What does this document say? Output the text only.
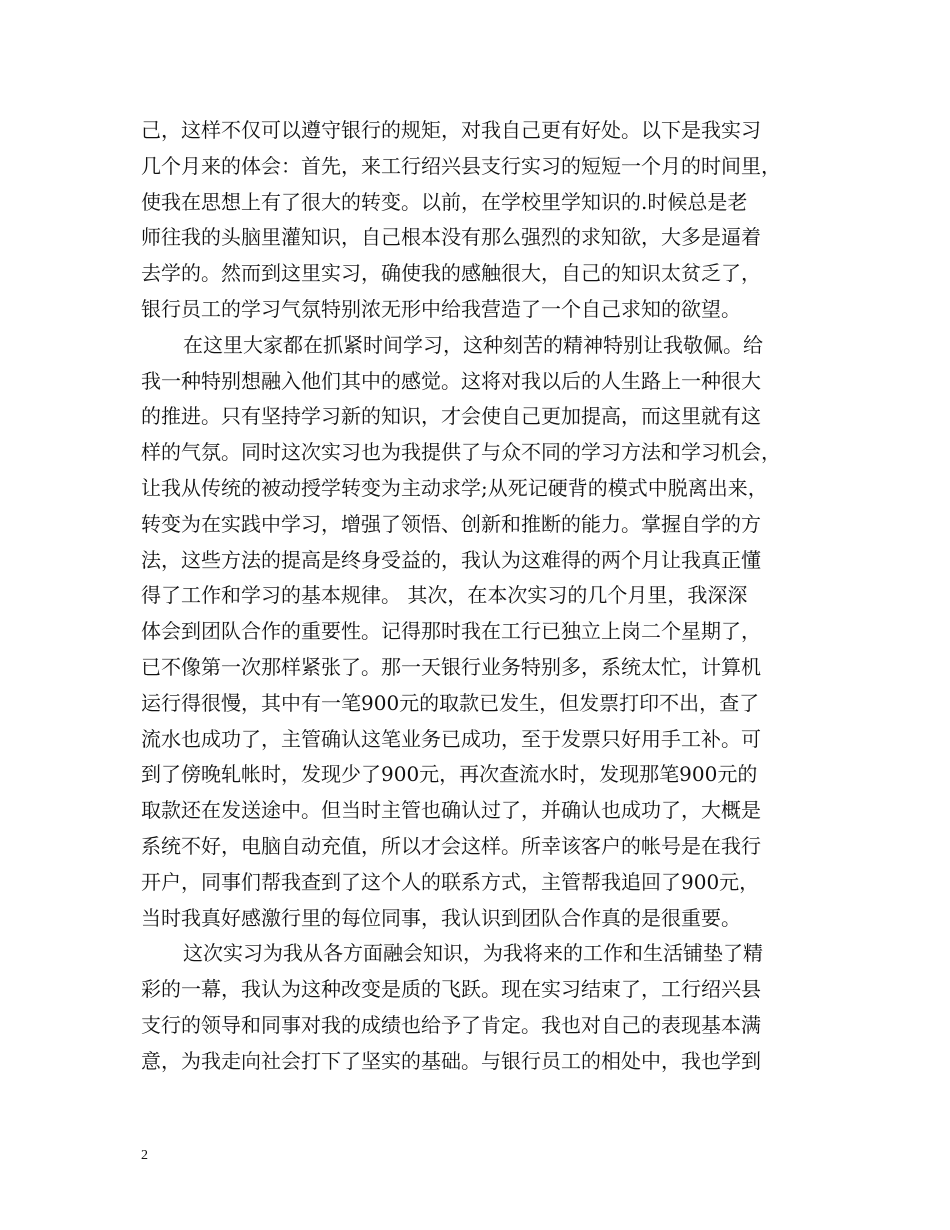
己，这样不仅可以遵守银行的规矩，对我自己更有好处。以下是我实习
几个月来的体会：首先，来工行绍兴县支行实习的短短一个月的时间里，
使我在思想上有了很大的转变。以前，在学校里学知识的.时候总是老
师往我的头脑里灌知识，自己根本没有那么强烈的求知欲，大多是逼着
去学的。然而到这里实习，确使我的感触很大，自己的知识太贫乏了，
银行员工的学习气氛特别浓无形中给我营造了一个自己求知的欲望。
在这里大家都在抓紧时间学习，这种刻苦的精神特别让我敬佩。给
我一种特别想融入他们其中的感觉。这将对我以后的人生路上一种很大
的推进。只有坚持学习新的知识，才会使自己更加提高，而这里就有这
样的气氛。同时这次实习也为我提供了与众不同的学习方法和学习机会，
让我从传统的被动授学转变为主动求学;从死记硬背的模式中脱离出来，
转变为在实践中学习，增强了领悟、创新和推断的能力。掌握自学的方
法，这些方法的提高是终身受益的，我认为这难得的两个月让我真正懂
得了工作和学习的基本规律。 其次，在本次实习的几个月里，我深深
体会到团队合作的重要性。记得那时我在工行已独立上岗二个星期了，
已不像第一次那样紧张了。那一天银行业务特别多，系统太忙，计算机
运行得很慢，其中有一笔900元的取款已发生，但发票打印不出，查了
流水也成功了，主管确认这笔业务已成功，至于发票只好用手工补。可
到了傍晚轧帐时，发现少了900元，再次查流水时，发现那笔900元的
取款还在发送途中。但当时主管也确认过了，并确认也成功了，大概是
系统不好，电脑自动充值，所以才会这样。所幸该客户的帐号是在我行
开户，同事们帮我查到了这个人的联系方式，主管帮我追回了900元，
当时我真好感激行里的每位同事，我认识到团队合作真的是很重要。
这次实习为我从各方面融会知识，为我将来的工作和生活铺垫了精
彩的一幕，我认为这种改变是质的飞跃。现在实习结束了，工行绍兴县
支行的领导和同事对我的成绩也给予了肯定。我也对自己的表现基本满
意，为我走向社会打下了坚实的基础。与银行员工的相处中，我也学到
2
